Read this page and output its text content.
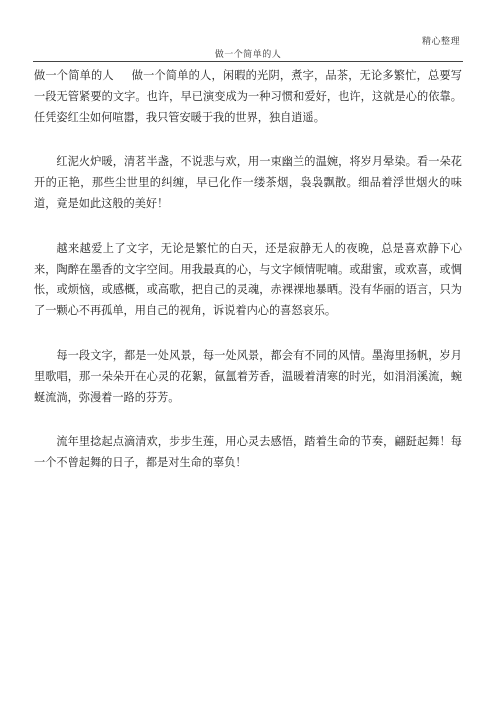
精心整理
做一个简单的人

做一个简单的人 做一个简单的人，闲暇的光阴，煮字，品茶，无论多繁忙，总要写一段无管紧要的文字。也许，早已演变成为一种习惯和爱好，也许，这就是心的依靠。任凭姿红尘如何喧嚣，我只管安暖于我的世界，独自逍遥。

红泥火炉暖，清茗半盏，不说悲与欢，用一束幽兰的温婉，将岁月晕染。看一朵花开的正艳，那些尘世里的纠缠，早已化作一缕茶烟，袅袅飘散。细品着浮世烟火的味道，竟是如此这般的美好！

越来越爱上了文字，无论是繁忙的白天，还是寂静无人的夜晚，总是喜欢静下心来，陶醉在墨香的文字空间。用我最真的心，与文字倾情呢喃。或甜蜜，或欢喜，或惆怅，或烦恼，或感概，或高歌，把自己的灵魂，赤裸裸地暴晒。没有华丽的语言，只为了一颗心不再孤单，用自己的视角，诉说着内心的喜怒哀乐。

每一段文字，都是一处风景，每一处风景，都会有不同的风情。墨海里扬帆，岁月里歌唱，那一朵朵开在心灵的花絮，氤氲着芳香，温暖着清寒的时光，如涓涓溪流，蜿蜒流淌，弥漫着一路的芬芳。

流年里捻起点滴清欢，步步生莲，用心灵去感悟，踏着生命的节奏，翩跹起舞！每一个不曾起舞的日子，都是对生命的辜负！
